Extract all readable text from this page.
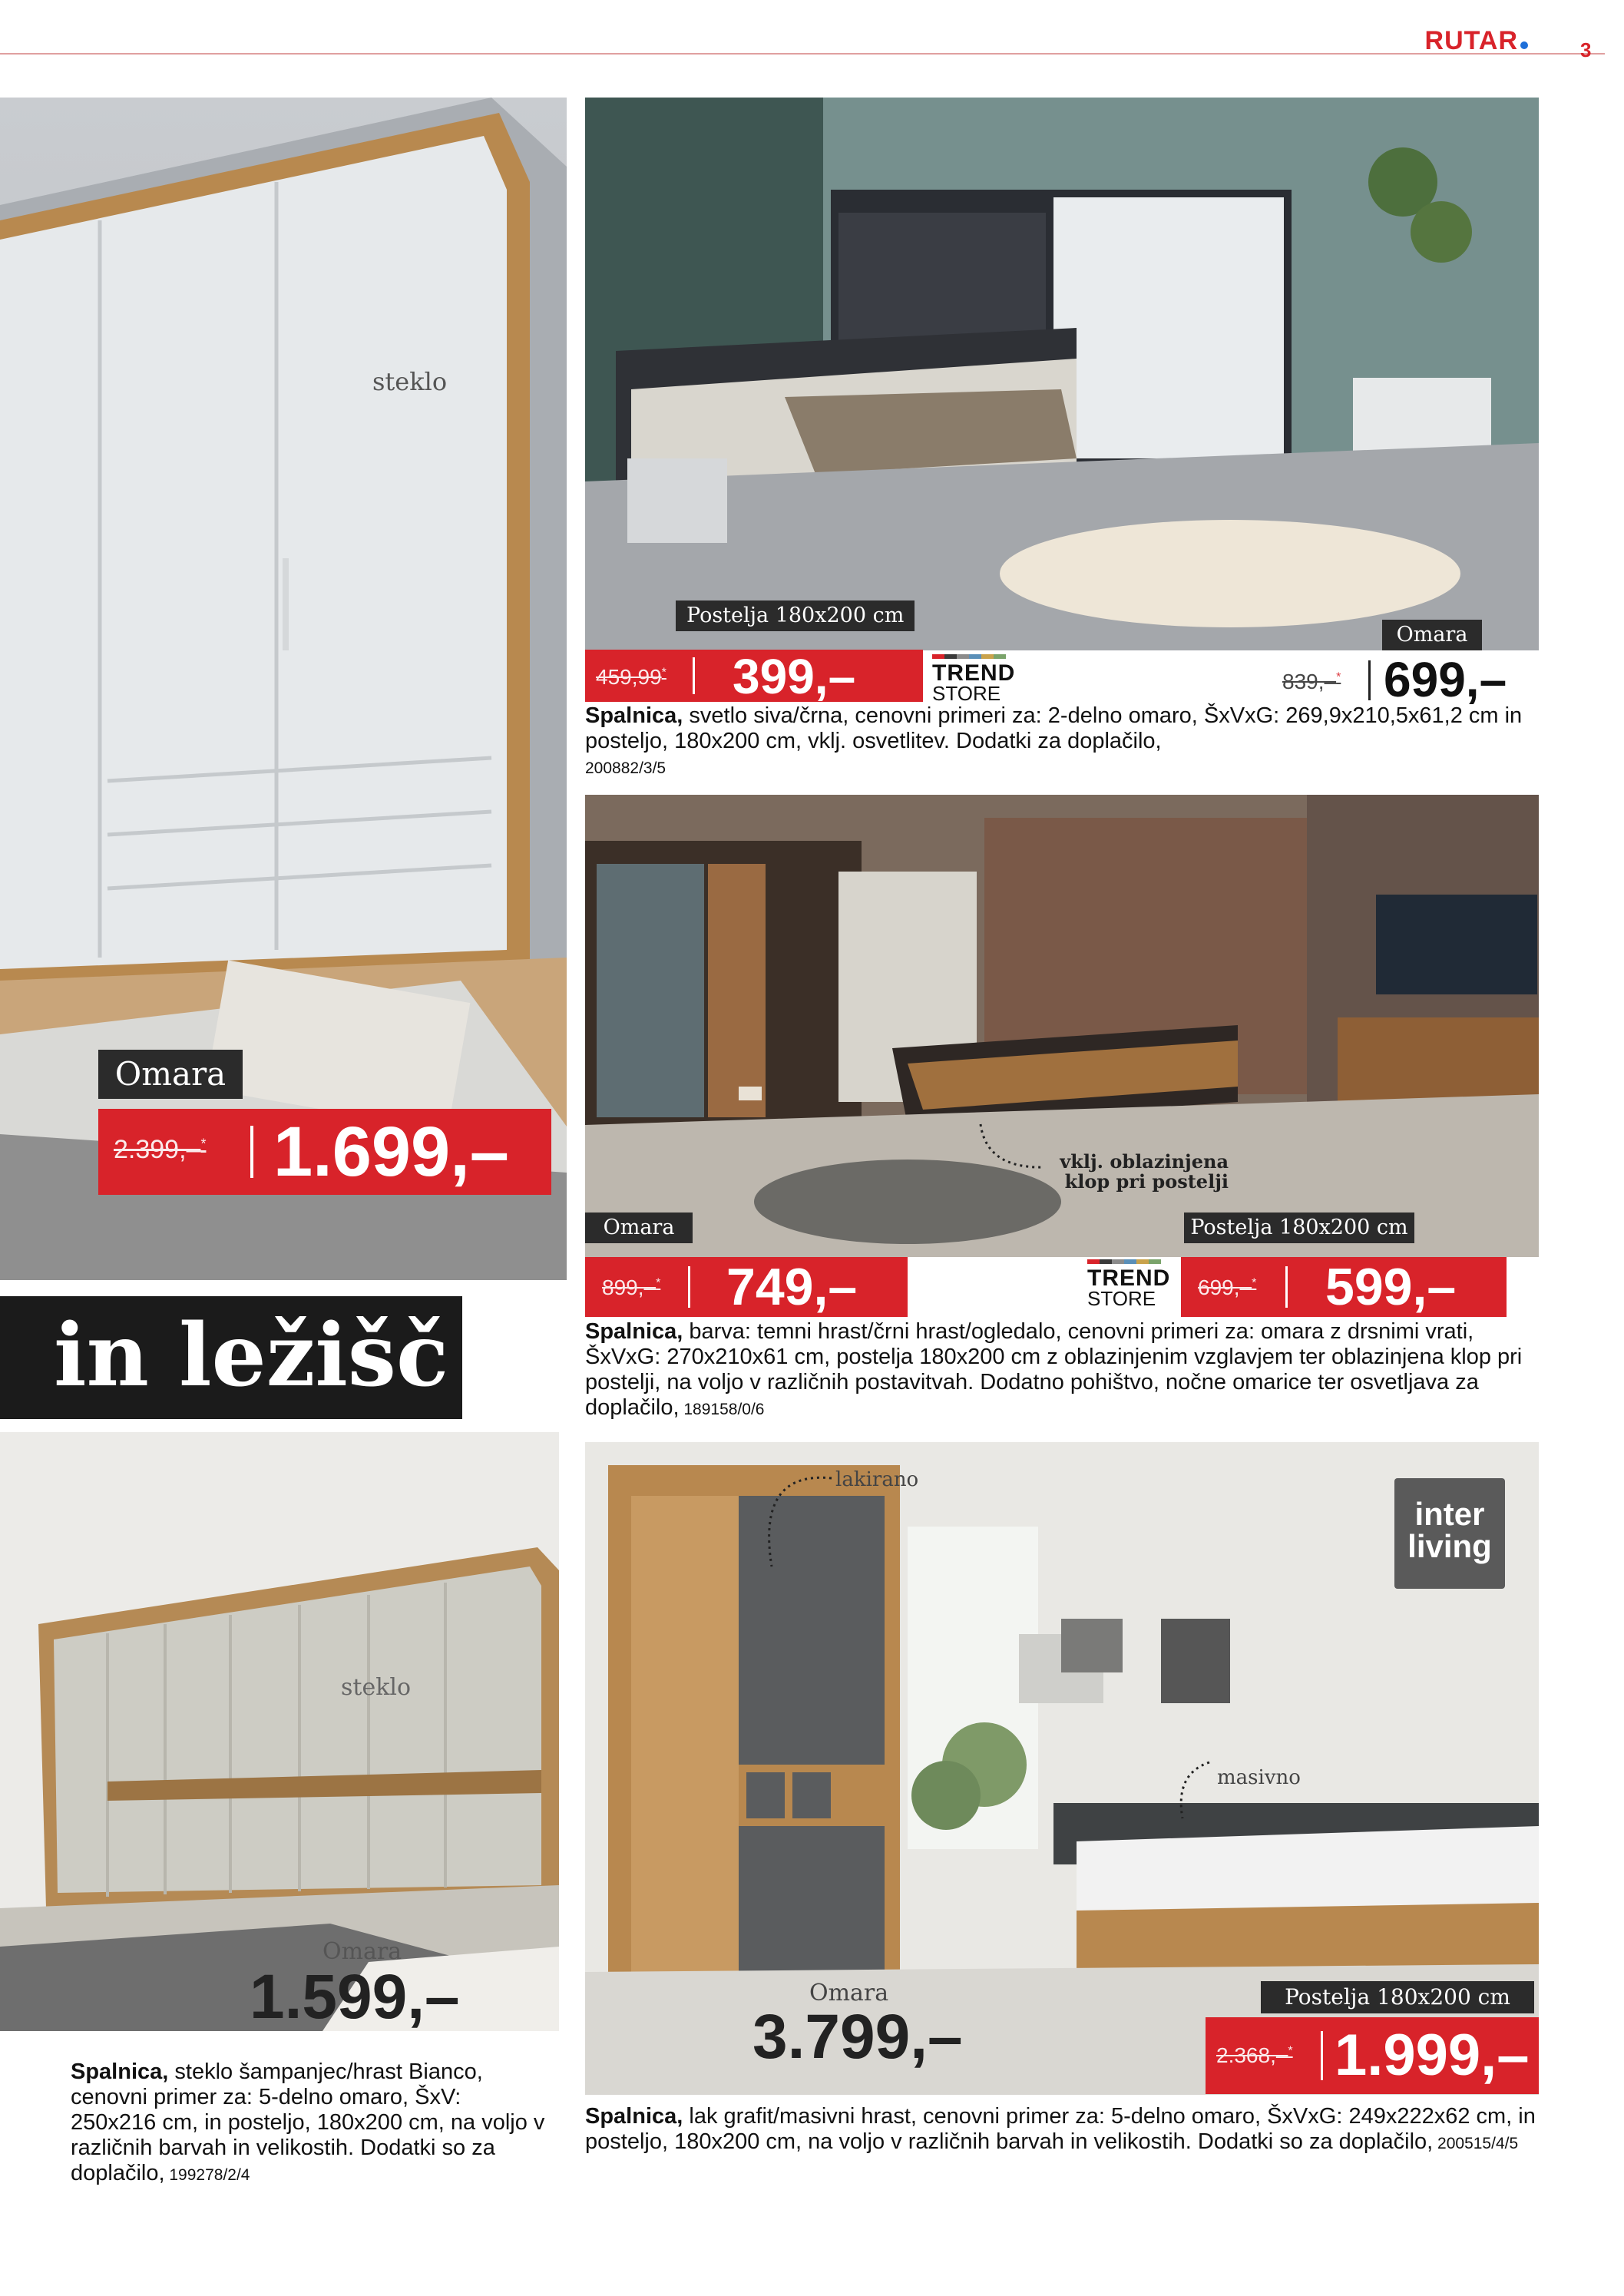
RUTAR	3
steklo
Omara
2.399,–* 1.699,–
in ležišč
steklo
Omara
1.599,–
Spalnica, steklo šampanjec/hrast Bianco, cenovni primer za: 5-delno omaro, ŠxV: 250x216 cm, in posteljo, 180x200 cm, na voljo v različnih barvah in velikostih. Dodatki so za doplačilo, 199278/2/4
Postelja 180x200 cm
Omara
459,99* 399,–	TREND
STORE	839,–* 699,–
Spalnica, svetlo siva/črna, cenovni primeri za: 2-delno omaro, ŠxVxG: 269,9x210,5x61,2 cm in posteljo, 180x200 cm, vklj. osvetlitev. Dodatki za doplačilo,
200882/3/5
vklj. oblazinjena klop pri postelji
Omara	Postelja 180x200 cm
899,–* 749,–	TREND
STORE	699,–* 599,–
Spalnica, barva: temni hrast/črni hrast/ogledalo, cenovni primeri za: omara z drsnimi vrati, ŠxVxG: 270x210x61 cm, postelja 180x200 cm z oblazinjenim vzglavjem ter oblazinjena klop pri postelji, na voljo v različnih postavitvah. Dodatno pohištvo, nočne omarice ter osvetljava za doplačilo, 189158/0/6
inter
living
lakirano
masivno
Omara
3.799,–
Postelja 180x200 cm
2.368,–* 1.999,–
Spalnica, lak grafit/masivni hrast, cenovni primer za: 5-delno omaro, ŠxVxG: 249x222x62 cm, in posteljo, 180x200 cm, na voljo v različnih barvah in velikostih. Dodatki so za doplačilo, 200515/4/5
